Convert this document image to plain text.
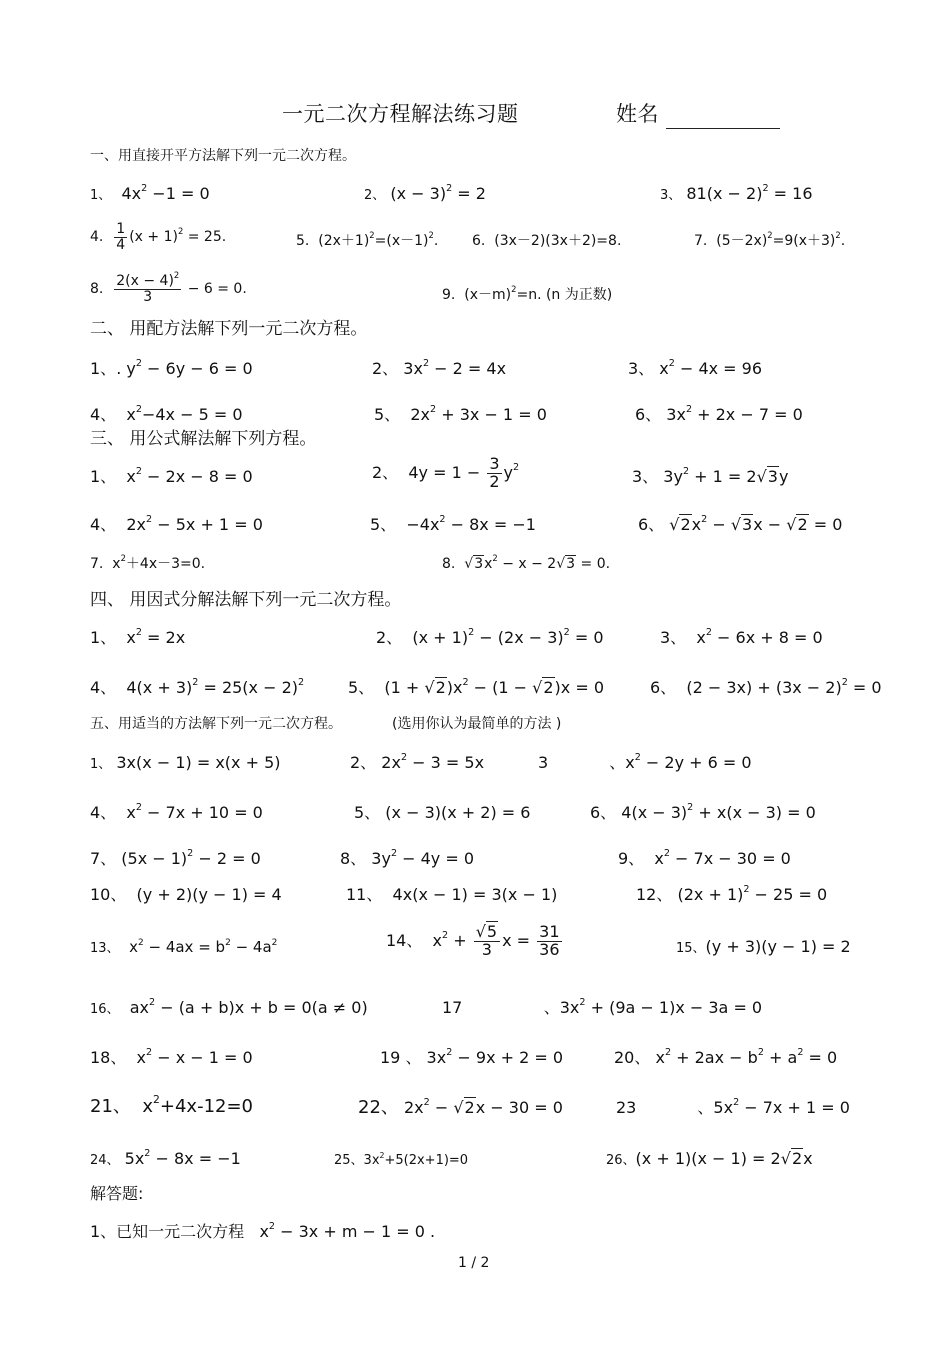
一元二次方程解法练习题	姓名
一、用直接开平方法解下列一元二次方程。
1、 $4x^2 -1 = 0$	2、 $(x - 3)^2 = 2$	3、 $81(x - 2)^2 = 16$
4. $\frac{1}{4} (x + 1)^2 = 25$.	5. $(2x+1)^2=(x-1)^2$. 6. (3x－2)(3x＋2)=8.	7. $(5-2x)^2=9(x+3)^2$.
8. $\frac{2(x - 4)^2}{3} - 6 = 0$.	9. $(x-m)^2=n$. (n 为正数)
二、 用配方法解下列一元二次方程。
1、. $y^2 - 6y - 6 = 0$	2、 $3x^2 - 2 = 4x$	3、 $x^2 - 4x = 96$
4、 $x^2-4x - 5 = 0$	5、 $2x^2 + 3x - 1 = 0$	6、 $3x^2 + 2x - 7 = 0$
三、 用公式解法解下列方程。
1、 $x^2 - 2x - 8 = 0$	2、 $4y = 1 - \frac{3}{2} y^2$	3、 $3y^2 + 1 = 2√3y$
4、 $2x^2 - 5x + 1 = 0$	5、 $-4x^2 - 8x = -1$	6、 $√2x^2 - √3x - √2 = 0$
7. $x^2+4x-3=0$.	8.  $√3x^2 - x - 2√3 = 0$.
四、 用因式分解法解下列一元二次方程。
1、 $x^2 = 2x$	2、 $(x + 1)^2 - (2x - 3)^2 = 0$	3、 $x^2 - 6x + 8 = 0$
4、 $4(x + 3)^2 = 25(x - 2)^2$	5、 $(1 + √2)x^2 - (1 - √2)x = 0$	6、 $(2 - 3x) + (3x - 2)^2 = 0$
五、用适当的方法解下列一元二次方程。	(选用你认为最简单的方法 )
1、 3x(x − 1) = x(x + 5)	2、 $2x^2 - 3 = 5x$	3	、$x^2 - 2y + 6 = 0$
4、 $x^2 - 7x + 10 = 0$	5、 (x − 3)(x + 2) = 6	6、 $4(x - 3)^2 + x(x - 3) = 0$
7、 $(5x - 1)^2 - 2 = 0$	8、 $3y^2 - 4y = 0$	9、 $x^2 - 7x - 30 = 0$
10、 (y + 2)(y − 1) = 4	11、 4x(x − 1) = 3(x − 1)	12、 $(2x + 1)^2 - 25 = 0$
13、 $x^2 - 4ax = b^2 - 4a^2$	14、 $x^2 + \frac{√5}{3}$ $x = \frac{31}{36}$	15、(y + 3)(y − 1) = 2
16、 $ax^2 - (a + b)x + b = 0(a \ne 0)$	17	、$3x^2 + (9a - 1)x - 3a = 0$
18、 $x^2 - x - 1 = 0$	19 、 $3x^2 - 9x + 2 = 0$	20、 $x^2 + 2ax - b^2 + a^2 = 0$
21、 $x^2+4x-12=0$	22、 $2x^2 - √2x - 30 = 0$	23	、$5x^2 - 7x + 1 = 0$
24、 $5x^2 - 8x = -1$	25、$3x^2+5(2x+1)=0$	26、(x + 1)(x − 1) = 2√2x
解答题:
1、已知一元二次方程 $x^2 - 3x + m - 1 = 0$ .
1 / 2
